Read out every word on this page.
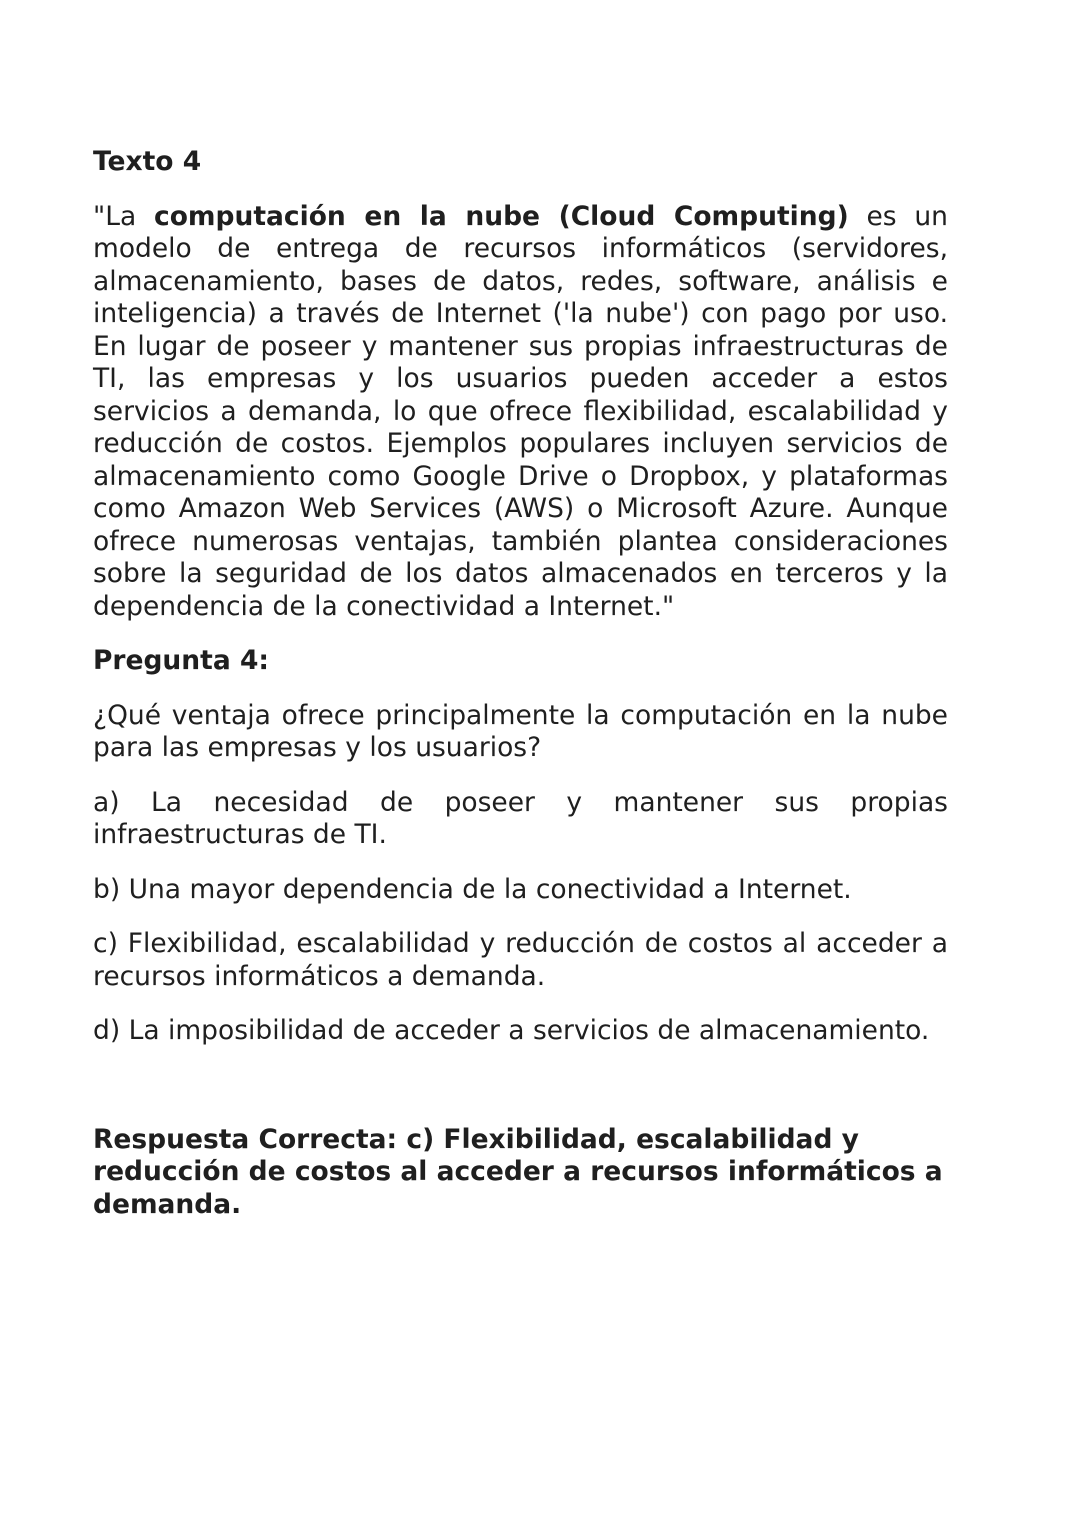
Texto 4

"La computación en la nube (Cloud Computing) es un modelo de entrega de recursos informáticos (servidores, almacenamiento, bases de datos, redes, software, análisis e inteligencia) a través de Internet ('la nube') con pago por uso. En lugar de poseer y mantener sus propias infraestructuras de TI, las empresas y los usuarios pueden acceder a estos servicios a demanda, lo que ofrece flexibilidad, escalabilidad y reducción de costos. Ejemplos populares incluyen servicios de almacenamiento como Google Drive o Dropbox, y plataformas como Amazon Web Services (AWS) o Microsoft Azure. Aunque ofrece numerosas ventajas, también plantea consideraciones sobre la seguridad de los datos almacenados en terceros y la dependencia de la conectividad a Internet."

Pregunta 4:

¿Qué ventaja ofrece principalmente la computación en la nube para las empresas y los usuarios?

a) La necesidad de poseer y mantener sus propias infraestructuras de TI.

b) Una mayor dependencia de la conectividad a Internet.

c) Flexibilidad, escalabilidad y reducción de costos al acceder a recursos informáticos a demanda.

d) La imposibilidad de acceder a servicios de almacenamiento.

Respuesta Correcta: c) Flexibilidad, escalabilidad y reducción de costos al acceder a recursos informáticos a demanda.
